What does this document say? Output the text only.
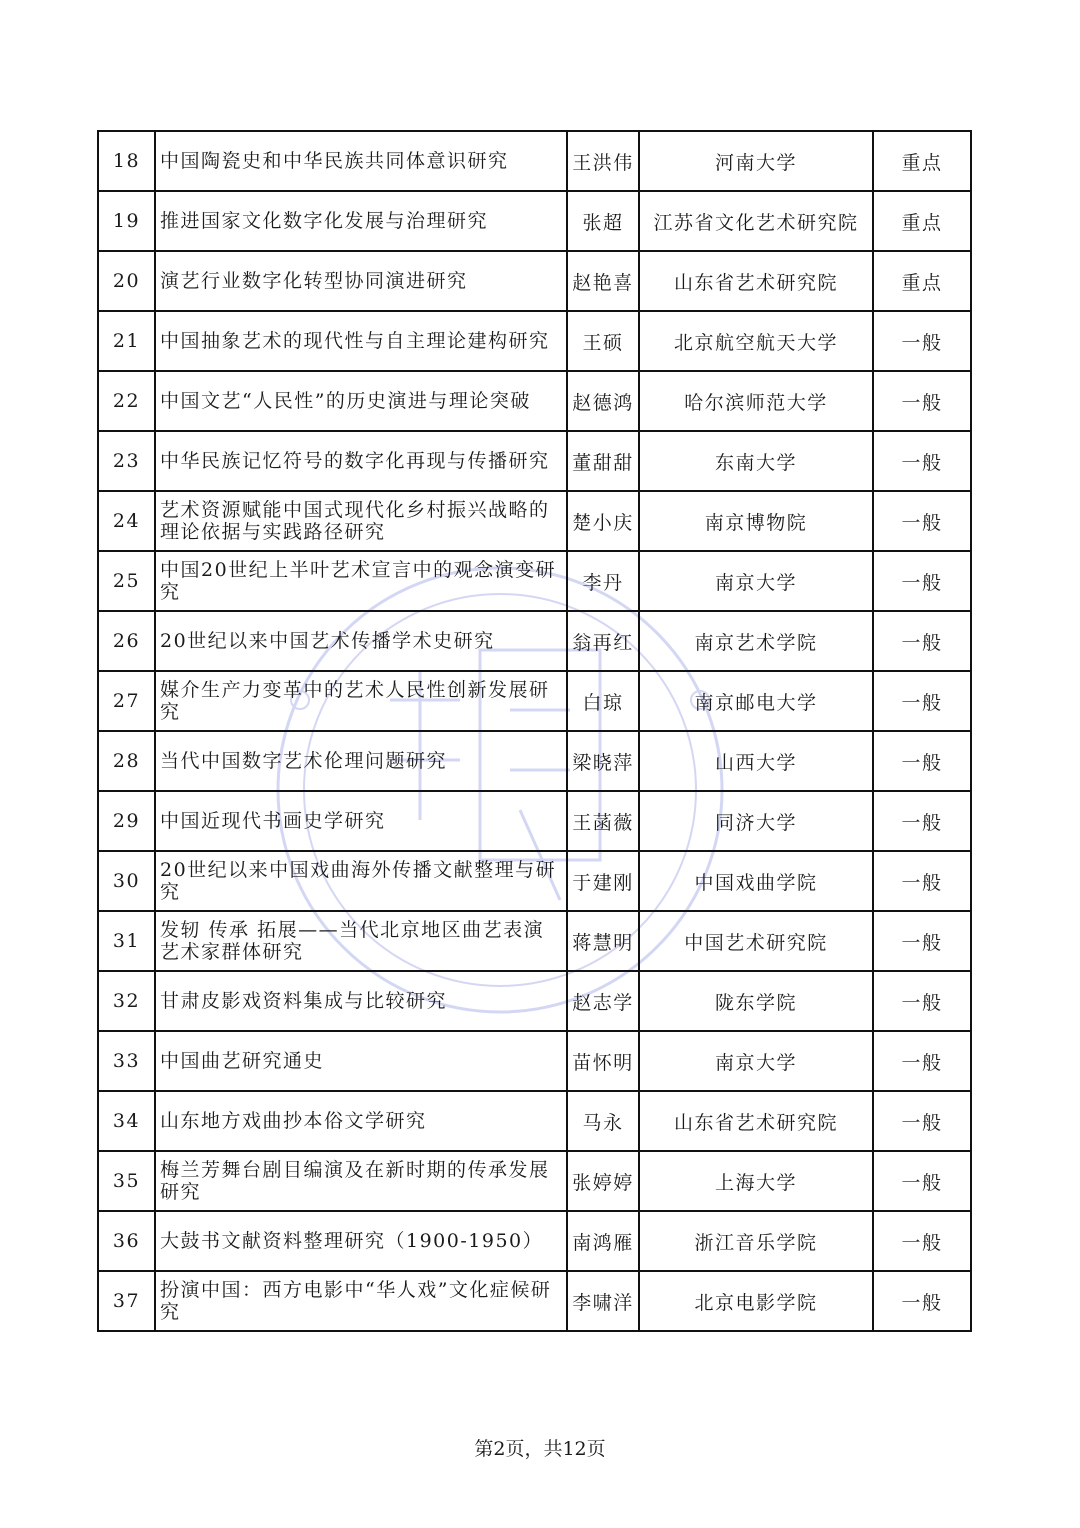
18	中国陶瓷史和中华民族共同体意识研究	王洪伟	河南大学	重点
19	推进国家文化数字化发展与治理研究	张超	江苏省文化艺术研究院	重点
20	演艺行业数字化转型协同演进研究	赵艳喜	山东省艺术研究院	重点
21	中国抽象艺术的现代性与自主理论建构研究	王硕	北京航空航天大学	一般
22	中国文艺“人民性”的历史演进与理论突破	赵德鸿	哈尔滨师范大学	一般
23	中华民族记忆符号的数字化再现与传播研究	董甜甜	东南大学	一般
24	艺术资源赋能中国式现代化乡村振兴战略的理论依据与实践路径研究	楚小庆	南京博物院	一般
25	中国20世纪上半叶艺术宣言中的观念演变研究	李丹	南京大学	一般
26	20世纪以来中国艺术传播学术史研究	翁再红	南京艺术学院	一般
27	媒介生产力变革中的艺术人民性创新发展研究	白琼	南京邮电大学	一般
28	当代中国数字艺术伦理问题研究	梁晓萍	山西大学	一般
29	中国近现代书画史学研究	王菡薇	同济大学	一般
30	20世纪以来中国戏曲海外传播文献整理与研究	于建刚	中国戏曲学院	一般
31	发轫 传承 拓展——当代北京地区曲艺表演艺术家群体研究	蒋慧明	中国艺术研究院	一般
32	甘肃皮影戏资料集成与比较研究	赵志学	陇东学院	一般
33	中国曲艺研究通史	苗怀明	南京大学	一般
34	山东地方戏曲抄本俗文学研究	马永	山东省艺术研究院	一般
35	梅兰芳舞台剧目编演及在新时期的传承发展研究	张婷婷	上海大学	一般
36	大鼓书文献资料整理研究（1900-1950）	南鸿雁	浙江音乐学院	一般
37	扮演中国：西方电影中“华人戏”文化症候研究	李啸洋	北京电影学院	一般
第2页，共12页
